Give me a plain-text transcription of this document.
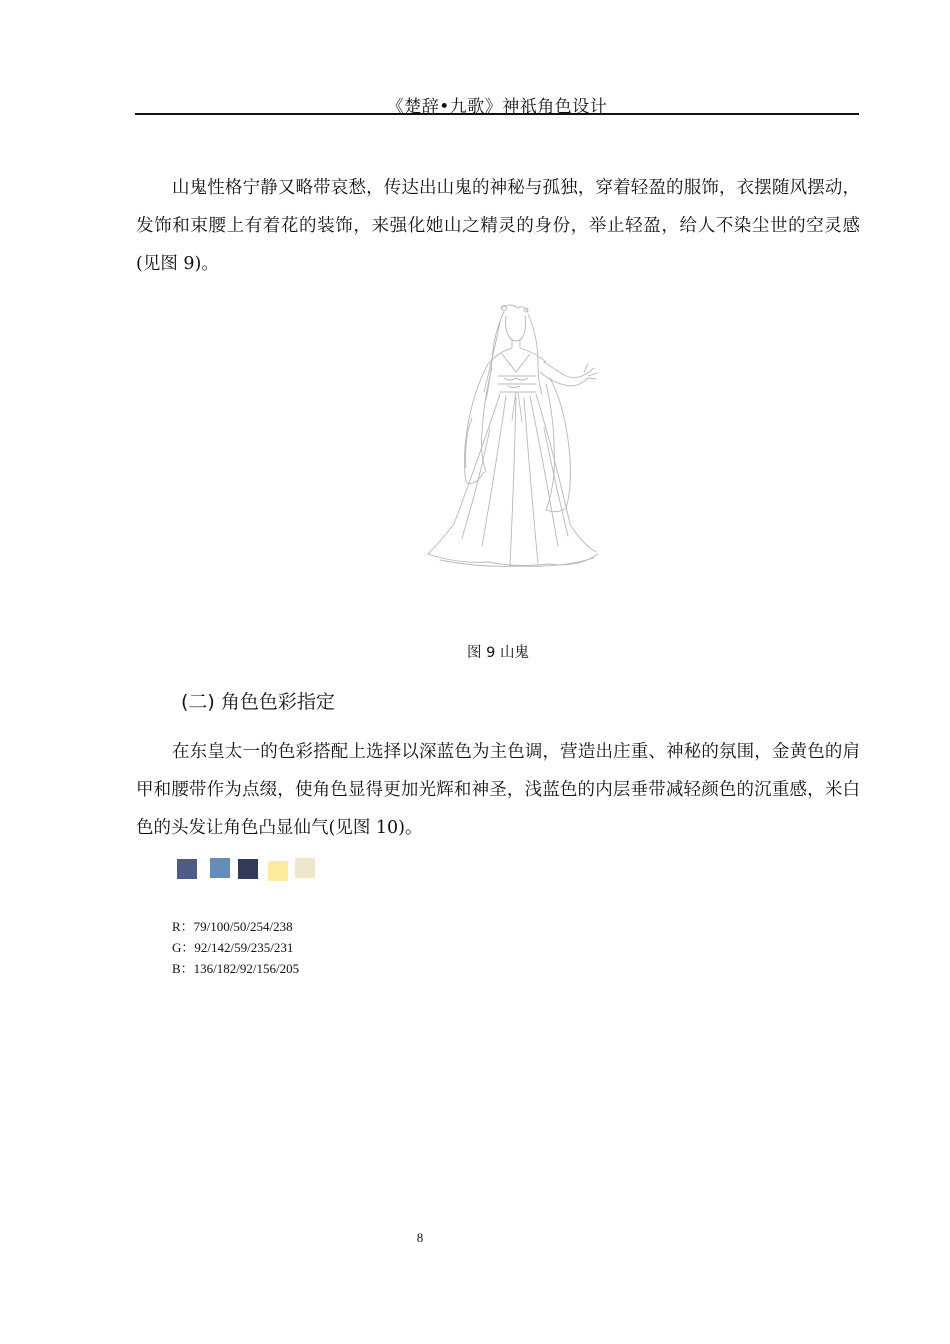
《楚辞•九歌》神祇角色设计

山鬼性格宁静又略带哀愁，传达出山鬼的神秘与孤独，穿着轻盈的服饰，衣摆随风摆动，发饰和束腰上有着花的装饰，来强化她山之精灵的身份，举止轻盈，给人不染尘世的空灵感(见图 9)。

图 9 山鬼
(二) 角色色彩指定

在东皇太一的色彩搭配上选择以深蓝色为主色调，营造出庄重、神秘的氛围，金黄色的肩甲和腰带作为点缀，使角色显得更加光辉和神圣，浅蓝色的内层垂带减轻颜色的沉重感，米白色的头发让角色凸显仙气(见图 10)。

R：79/100/50/254/238
G：92/142/59/235/231
B：136/182/92/156/205
8
